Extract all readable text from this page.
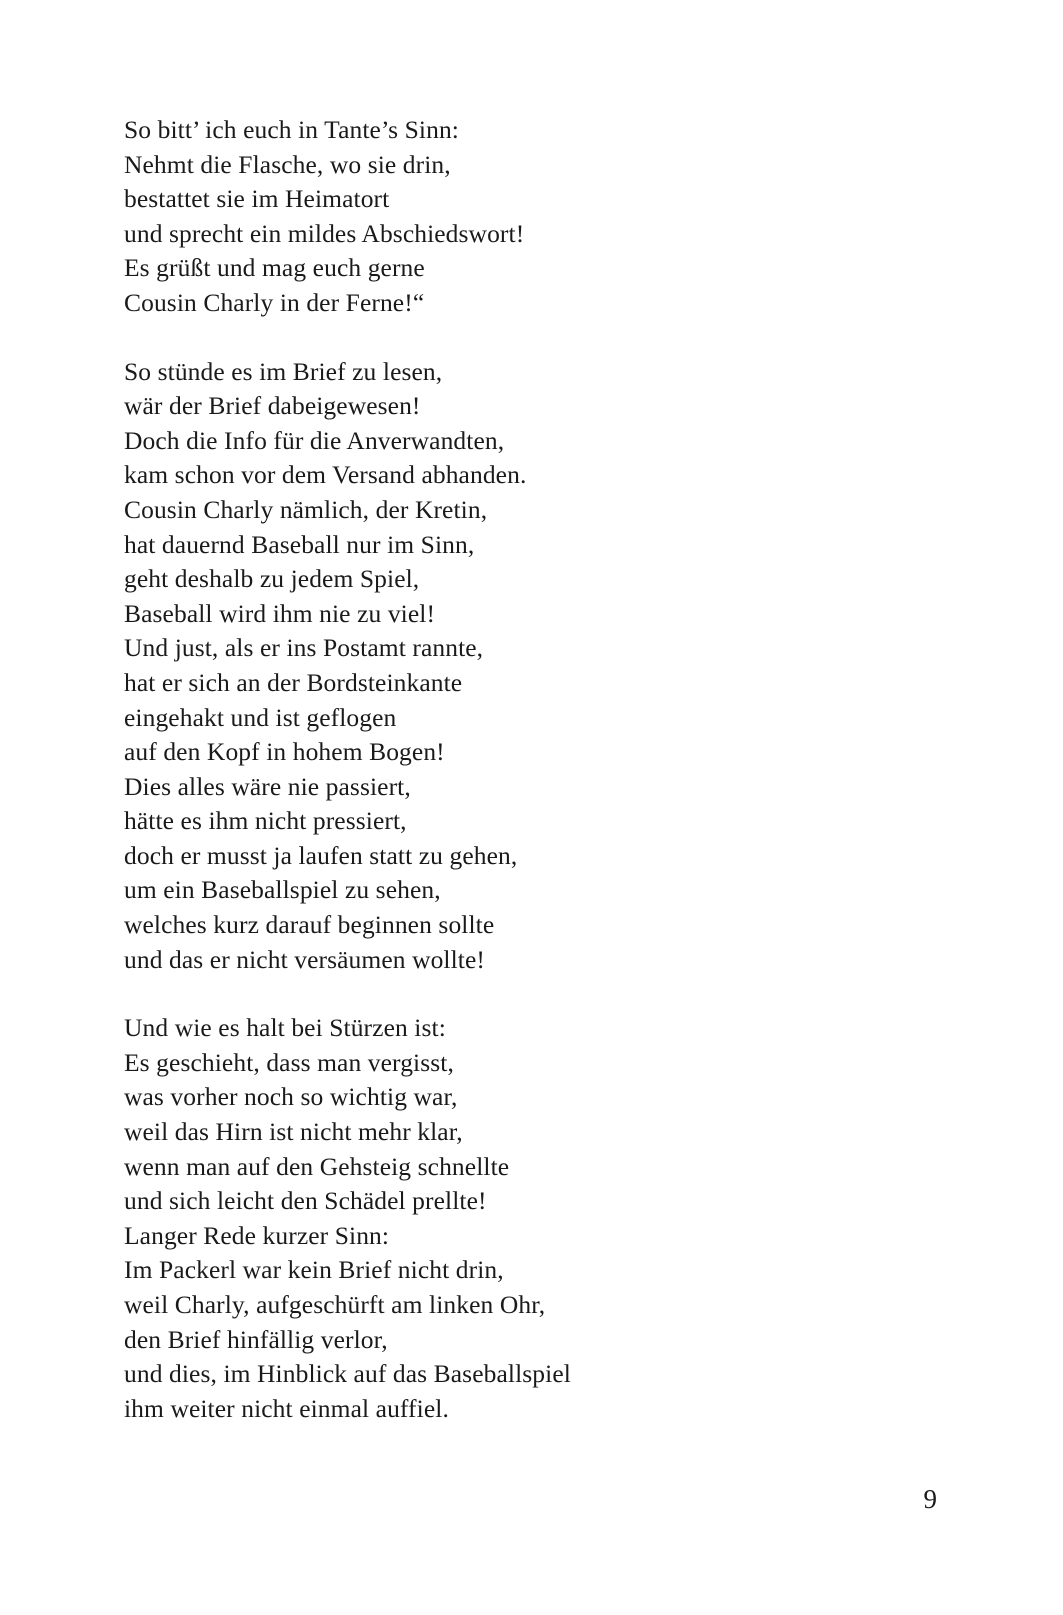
So bitt’ ich euch in Tante’s Sinn:
Nehmt die Flasche, wo sie drin,
bestattet sie im Heimatort
und sprecht ein mildes Abschiedswort!
Es grüßt und mag euch gerne
Cousin Charly in der Ferne!“
So stünde es im Brief zu lesen,
wär der Brief dabeigewesen!
Doch die Info für die Anverwandten,
kam schon vor dem Versand abhanden.
Cousin Charly nämlich, der Kretin,
hat dauernd Baseball nur im Sinn,
geht deshalb zu jedem Spiel,
Baseball wird ihm nie zu viel!
Und just, als er ins Postamt rannte,
hat er sich an der Bordsteinkante
eingehakt und ist geflogen
auf den Kopf in hohem Bogen!
Dies alles wäre nie passiert,
hätte es ihm nicht pressiert,
doch er musst ja laufen statt zu gehen,
um ein Baseballspiel zu sehen,
welches kurz darauf beginnen sollte
und das er nicht versäumen wollte!
Und wie es halt bei Stürzen ist:
Es geschieht, dass man vergisst,
was vorher noch so wichtig war,
weil das Hirn ist nicht mehr klar,
wenn man auf den Gehsteig schnellte
und sich leicht den Schädel prellte!
Langer Rede kurzer Sinn:
Im Packerl war kein Brief nicht drin,
weil Charly, aufgeschürft am linken Ohr,
den Brief hinfällig verlor,
und dies, im Hinblick auf das Baseballspiel
ihm weiter nicht einmal auffiel.
9
